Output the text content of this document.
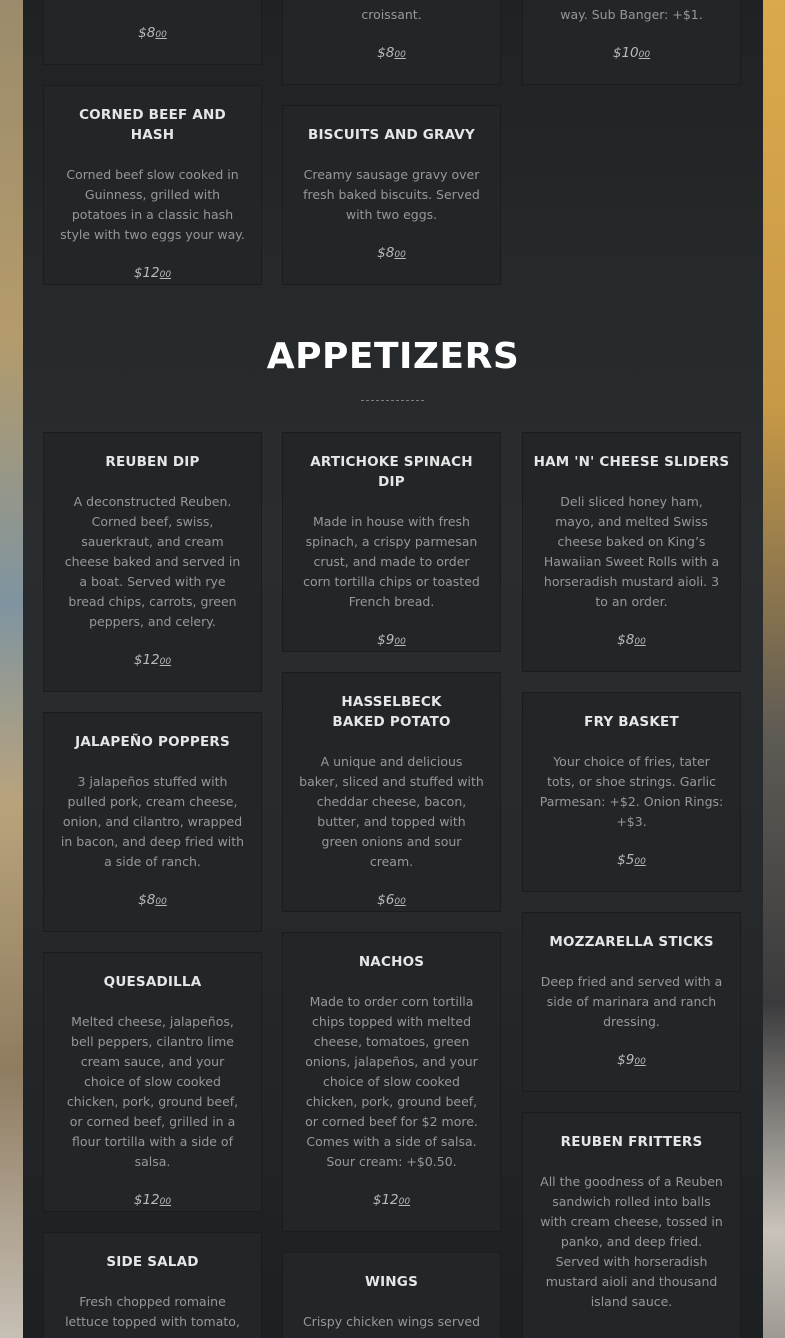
$800
croissant.
$800
way. Sub Banger: +$1.
$1000
CORNED BEEF AND HASH
Corned beef slow cooked in Guinness, grilled with potatoes in a classic hash style with two eggs your way.
$1200
BISCUITS AND GRAVY
Creamy sausage gravy over fresh baked biscuits. Served with two eggs.
$800
APPETIZERS
REUBEN DIP
A deconstructed Reuben. Corned beef, swiss, sauerkraut, and cream cheese baked and served in a boat. Served with rye bread chips, carrots, green peppers, and celery.
$1200
JALAPEÑO POPPERS
3 jalapeños stuffed with pulled pork, cream cheese, onion, and cilantro, wrapped in bacon, and deep fried with a side of ranch.
$800
QUESADILLA
Melted cheese, jalapeños, bell peppers, cilantro lime cream sauce, and your choice of slow cooked chicken, pork, ground beef, or corned beef, grilled in a flour tortilla with a side of salsa.
$1200
SIDE SALAD
Fresh chopped romaine lettuce topped with tomato,
ARTICHOKE SPINACH DIP
Made in house with fresh spinach, a crispy parmesan crust, and made to order corn tortilla chips or toasted French bread.
$900
HASSELBECK BAKED POTATO
A unique and delicious baker, sliced and stuffed with cheddar cheese, bacon, butter, and topped with green onions and sour cream.
$600
NACHOS
Made to order corn tortilla chips topped with melted cheese, tomatoes, green onions, jalapeños, and your choice of slow cooked chicken, pork, ground beef, or corned beef for $2 more. Comes with a side of salsa. Sour cream: +$0.50.
$1200
WINGS
Crispy chicken wings served
HAM 'N' CHEESE SLIDERS
Deli sliced honey ham, mayo, and melted Swiss cheese baked on King’s Hawaiian Sweet Rolls with a horseradish mustard aioli. 3 to an order.
$800
FRY BASKET
Your choice of fries, tater tots, or shoe strings. Garlic Parmesan: +$2. Onion Rings: +$3.
$500
MOZZARELLA STICKS
Deep fried and served with a side of marinara and ranch dressing.
$900
REUBEN FRITTERS
All the goodness of a Reuben sandwich rolled into balls with cream cheese, tossed in panko, and deep fried. Served with horseradish mustard aioli and thousand island sauce.
